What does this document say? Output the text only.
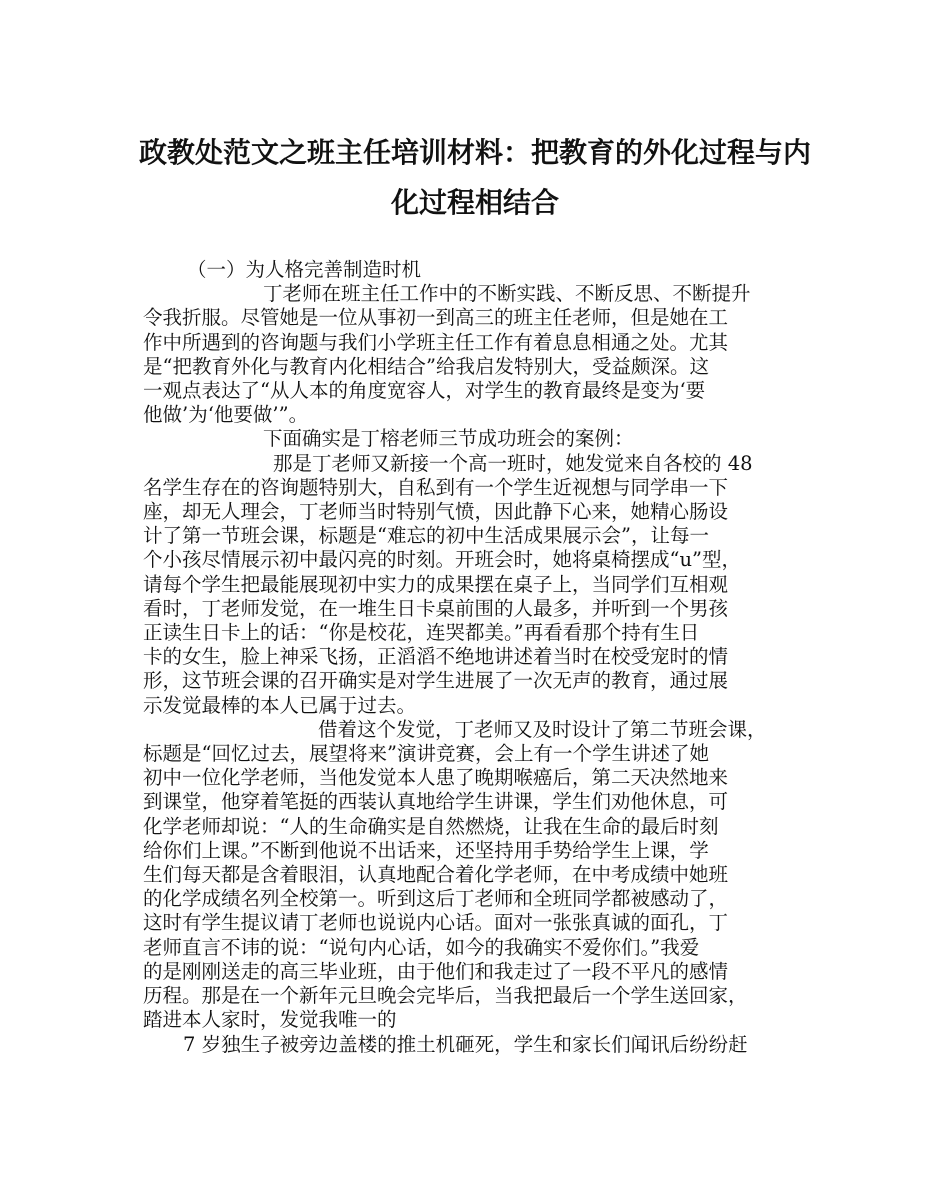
政教处范文之班主任培训材料：把教育的外化过程与内
化过程相结合
（一）为人格完善制造时机
丁老师在班主任工作中的不断实践、不断反思、不断提升
令我折服。尽管她是一位从事初一到高三的班主任老师，但是她在工
作中所遇到的咨询题与我们小学班主任工作有着息息相通之处。尤其
是“把教育外化与教育内化相结合”给我启发特别大，受益颇深。这
一观点表达了“从人本的角度宽容人，对学生的教育最终是变为‘要
他做’为‘他要做’”。
下面确实是丁榕老师三节成功班会的案例：
那是丁老师又新接一个高一班时，她发觉来自各校的 48
名学生存在的咨询题特别大，自私到有一个学生近视想与同学串一下
座，却无人理会，丁老师当时特别气愤，因此静下心来，她精心肠设
计了第一节班会课，标题是“难忘的初中生活成果展示会”，让每一
个小孩尽情展示初中最闪亮的时刻。开班会时，她将桌椅摆成“u”型，
请每个学生把最能展现初中实力的成果摆在桌子上，当同学们互相观
看时，丁老师发觉，在一堆生日卡桌前围的人最多，并听到一个男孩
正读生日卡上的话：“你是校花，连哭都美。”再看看那个持有生日
卡的女生，脸上神采飞扬，正滔滔不绝地讲述着当时在校受宠时的情
形，这节班会课的召开确实是对学生进展了一次无声的教育，通过展
示发觉最棒的本人已属于过去。
借着这个发觉，丁老师又及时设计了第二节班会课，
标题是“回忆过去，展望将来”演讲竞赛，会上有一个学生讲述了她
初中一位化学老师，当他发觉本人患了晚期喉癌后，第二天决然地来
到课堂，他穿着笔挺的西装认真地给学生讲课，学生们劝他休息，可
化学老师却说：“人的生命确实是自然燃烧，让我在生命的最后时刻
给你们上课。”不断到他说不出话来，还坚持用手势给学生上课，学
生们每天都是含着眼泪，认真地配合着化学老师，在中考成绩中她班
的化学成绩名列全校第一。听到这后丁老师和全班同学都被感动了，
这时有学生提议请丁老师也说说内心话。面对一张张真诚的面孔，丁
老师直言不讳的说：“说句内心话，如今的我确实不爱你们。”我爱
的是刚刚送走的高三毕业班，由于他们和我走过了一段不平凡的感情
历程。那是在一个新年元旦晚会完毕后，当我把最后一个学生送回家，
踏进本人家时，发觉我唯一的
7 岁独生子被旁边盖楼的推土机砸死，学生和家长们闻讯后纷纷赶
